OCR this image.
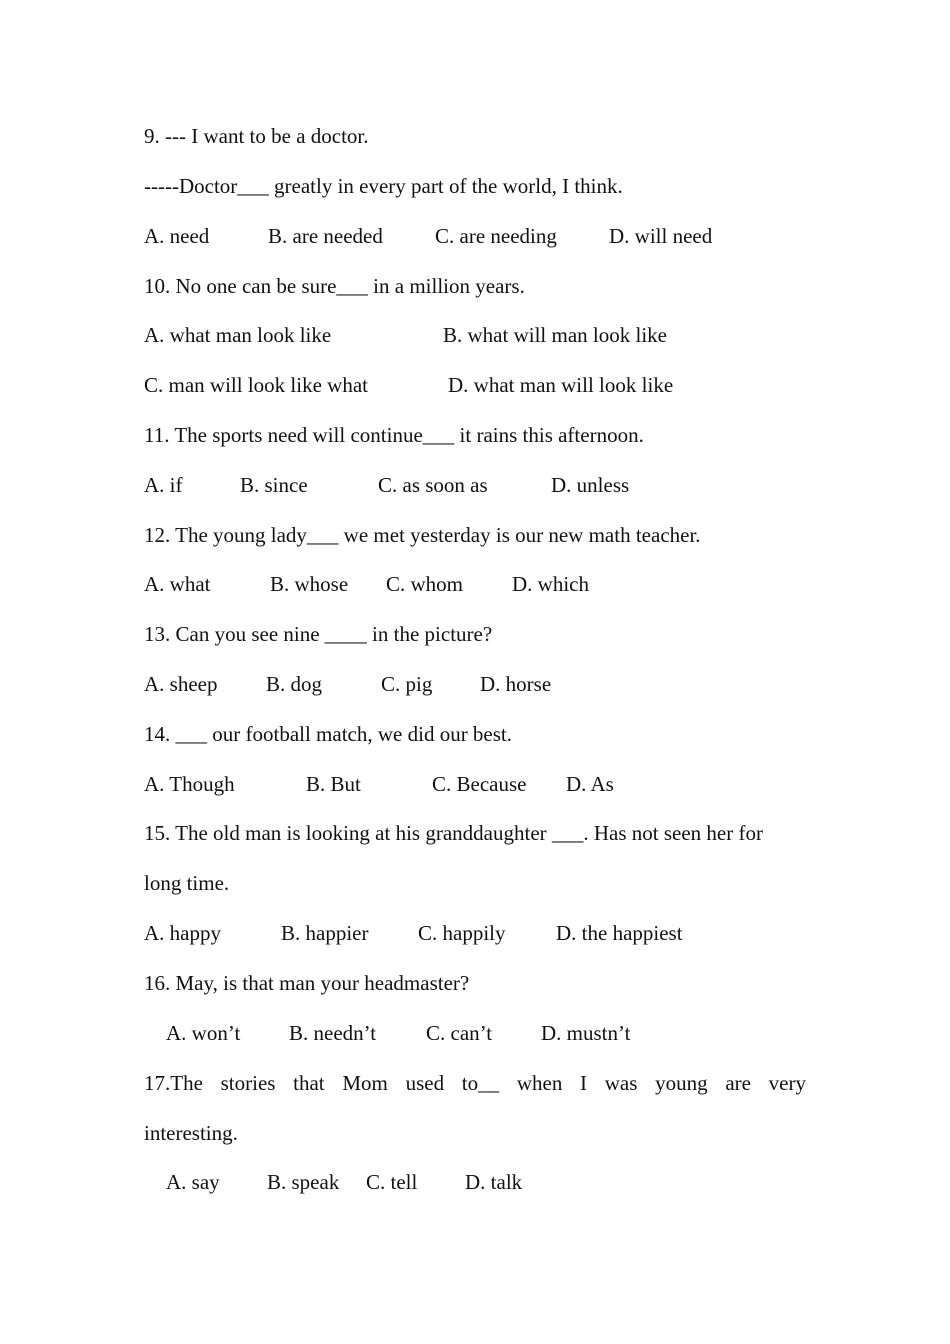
9. --- I want to be a doctor.
-----Doctor___ greatly in every part of the world, I think.
A. need	B. are needed C. are needing D. will need
10. No one can be sure___ in a million years.
A. what man look like	B. what will man look like
C. man will look like what	D. what man will look like
11. The sports need will continue___ it rains this afternoon.
A. if	B. since	C. as soon as	D. unless
12. The young lady___ we met yesterday is our new math teacher.
A. what	B. whose C. whom D. which
13. Can you see nine ____ in the picture?
A. sheep B. dog	C. pig D. horse
14. ___ our football match, we did our best.
A. Though	B. But	C. Because D. As
15. The old man is looking at his granddaughter ___. Has not seen her for
long time.
A. happy	B. happier C. happily D. the happiest
16. May, is that man your headmaster?
A. won’t B. needn’t C. can’t D. mustn’t
17.The stories that Mom used to__ when I was young are very
interesting.
A. say B. speak C. tell D. talk
